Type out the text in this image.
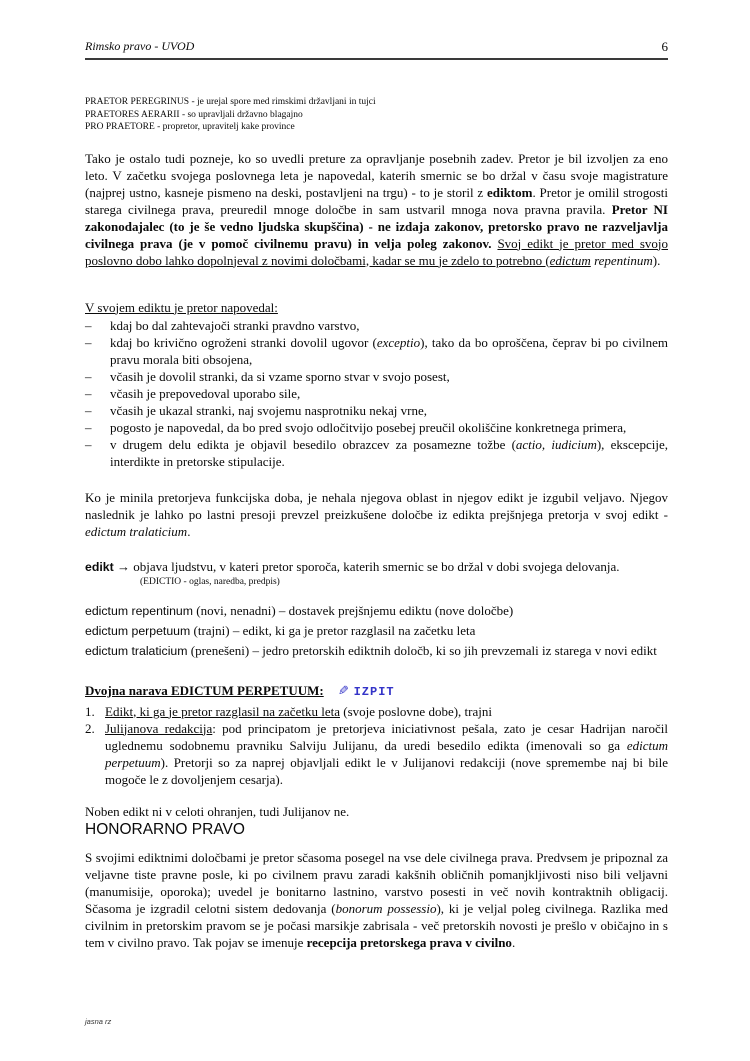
Rimsko pravo - UVOD	6
PRAETOR PEREGRINUS - je urejal spore med rimskimi državljani in tujci
PRAETORES AERARII - so upravljali državno blagajno
PRO PRAETORE - propretor, upravitelj kake province

Tako je ostalo tudi pozneje, ko so uvedli preture za opravljanje posebnih zadev. Pretor je bil izvoljen za eno leto. V začetku svojega poslovnega leta je napovedal, katerih smernic se bo držal v času svoje magistrature (najprej ustno, kasneje pismeno na deski, postavljeni na trgu) - to je storil z ediktom. Pretor je omilil strogosti starega civilnega prava, preuredil mnoge določbe in sam ustvaril mnoga nova pravna pravila. Pretor NI zakonodajalec (to je še vedno ljudska skupščina) - ne izdaja zakonov, pretorsko pravo ne razveljavlja civilnega prava (je v pomoč civilnemu pravu) in velja poleg zakonov. Svoj edikt je pretor med svojo poslovno dobo lahko dopolnjeval z novimi določbami, kadar se mu je zdelo to potrebno (edictum repentinum).

V svojem ediktu je pretor napovedal:
–	kdaj bo dal zahtevajoči stranki pravdno varstvo,
–	kdaj bo krivično ogroženi stranki dovolil ugovor (exceptio), tako da bo oproščena, čeprav bi po civilnem pravu morala biti obsojena,
–	včasih je dovolil stranki, da si vzame sporno stvar v svojo posest,
–	včasih je prepovedoval uporabo sile,
–	včasih je ukazal stranki, naj svojemu nasprotniku nekaj vrne,
–	pogosto je napovedal, da bo pred svojo odločitvijo posebej preučil okoliščine konkretnega primera,
–	v drugem delu edikta je objavil besedilo obrazcev za posamezne tožbe (actio, iudicium), ekscepcije, interdikte in pretorske stipulacije.

Ko je minila pretorjeva funkcijska doba, je nehala njegova oblast in njegov edikt je izgubil veljavo. Njegov naslednik je lahko po lastni presoji prevzel preizkušene določbe iz edikta prejšnjega pretorja v svoj edikt - edictum tralaticium.

edikt → objava ljudstvu, v kateri pretor sporoča, katerih smernic se bo držal v dobi svojega delovanja.
(EDICTIO - oglas, naredba, predpis)
edictum repentinum (novi, nenadni) – dostavek prejšnjemu ediktu (nove določbe)
edictum perpetuum (trajni) – edikt, ki ga je pretor razglasil na začetku leta
edictum tralaticium (prenešeni) – jedro pretorskih ediktnih določb, ki so jih prevzemali iz starega v novi edikt
Dvojna narava EDICTUM PERPETUUM: ✎ IZPIT
1. Edikt, ki ga je pretor razglasil na začetku leta (svoje poslovne dobe), trajni
2. Julijanova redakcija: pod principatom je pretorjeva iniciativnost pešala, zato je cesar Hadrijan naročil uglednemu sodobnemu pravniku Salviju Julijanu, da uredi besedilo edikta (imenovali so ga edictum perpetuum). Pretorji so za naprej objavljali edikt le v Julijanovi redakciji (nove spremembe naj bi bile mogoče le z dovoljenjem cesarja).

Noben edikt ni v celoti ohranjen, tudi Julijanov ne.

HONORARNO PRAVO

S svojimi ediktnimi določbami je pretor sčasoma posegel na vse dele civilnega prava. Predvsem je pripoznal za veljavne tiste pravne posle, ki po civilnem pravu zaradi kakšnih obličnih pomanjkljivosti niso bili veljavni (manumisije, oporoka); uvedel je bonitarno lastnino, varstvo posesti in več novih kontraktnih obligacij. Sčasoma je izgradil celotni sistem dedovanja (bonorum possessio), ki je veljal poleg civilnega. Razlika med civilnim in pretorskim pravom se je počasi marsikje zabrisala - več pretorskih novosti je prešlo v običajno in s tem v civilno pravo. Tak pojav se imenuje recepcija pretorskega prava v civilno.

jasna rz
